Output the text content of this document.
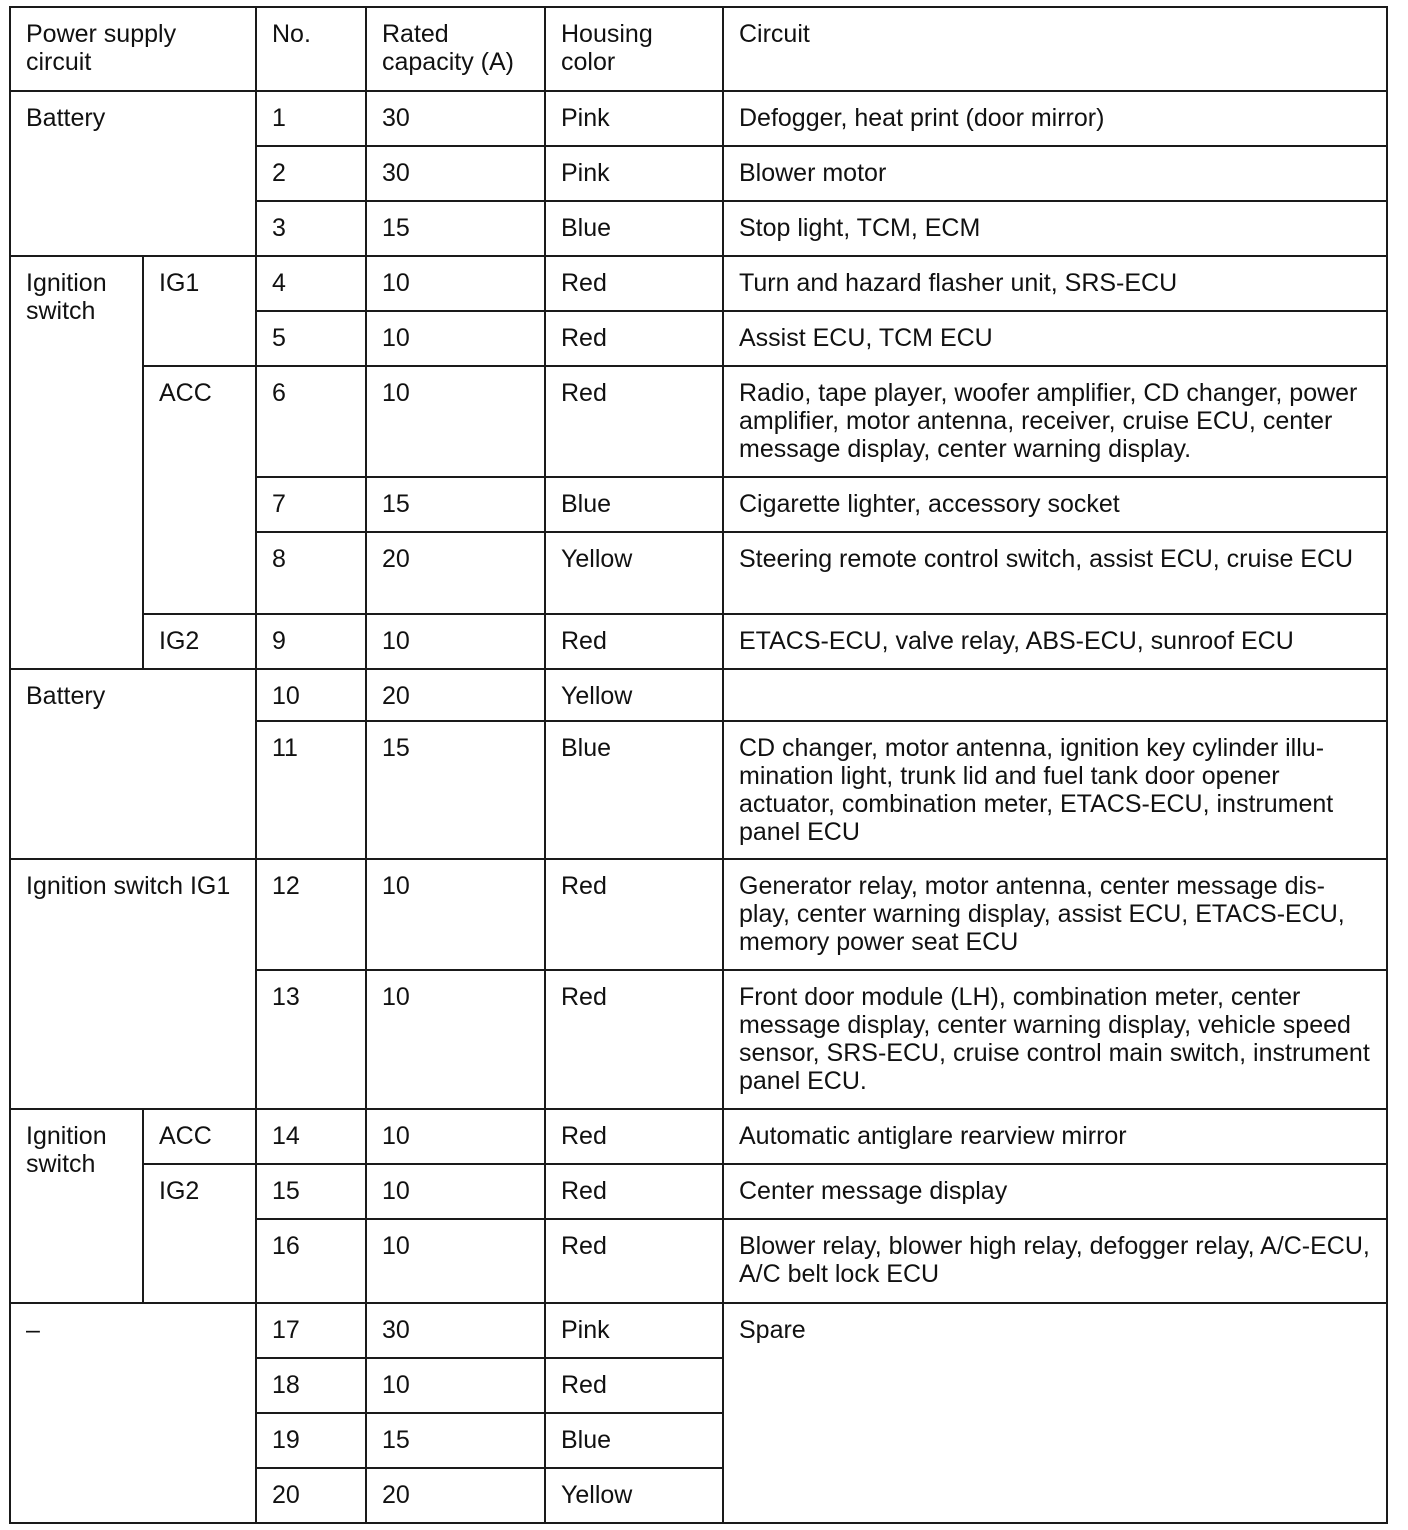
Power supply circuit		No.	Rated capacity (A)	Housing color	Circuit
Battery		1	30	Pink	Defogger, heat print (door mirror)
		2	30	Pink	Blower motor
		3	15	Blue	Stop light, TCM, ECM
Ignition switch	IG1	4	10	Red	Turn and hazard flasher unit, SRS-ECU
		5	10	Red	Assist ECU, TCM ECU
	ACC	6	10	Red	Radio, tape player, woofer amplifier, CD changer, power amplifier, motor antenna, receiver, cruise ECU, center message display, center warning display.
		7	15	Blue	Cigarette lighter, accessory socket
		8	20	Yellow	Steering remote control switch, assist ECU, cruise ECU
	IG2	9	10	Red	ETACS-ECU, valve relay, ABS-ECU, sunroof ECU
Battery		10	20	Yellow	
		11	15	Blue	CD changer, motor antenna, ignition key cylinder illu-mination light, trunk lid and fuel tank door opener actuator, combination meter, ETACS-ECU, instrument panel ECU
Ignition switch IG1		12	10	Red	Generator relay, motor antenna, center message dis-play, center warning display, assist ECU, ETACS-ECU, memory power seat ECU
		13	10	Red	Front door module (LH), combination meter, center message display, center warning display, vehicle speed sensor, SRS-ECU, cruise control main switch, instrument panel ECU.
Ignition switch	ACC	14	10	Red	Automatic antiglare rearview mirror
	IG2	15	10	Red	Center message display
		16	10	Red	Blower relay, blower high relay, defogger relay, A/C-ECU, A/C belt lock ECU
–		17	30	Pink	Spare
		18	10	Red	
		19	15	Blue	
		20	20	Yellow	
